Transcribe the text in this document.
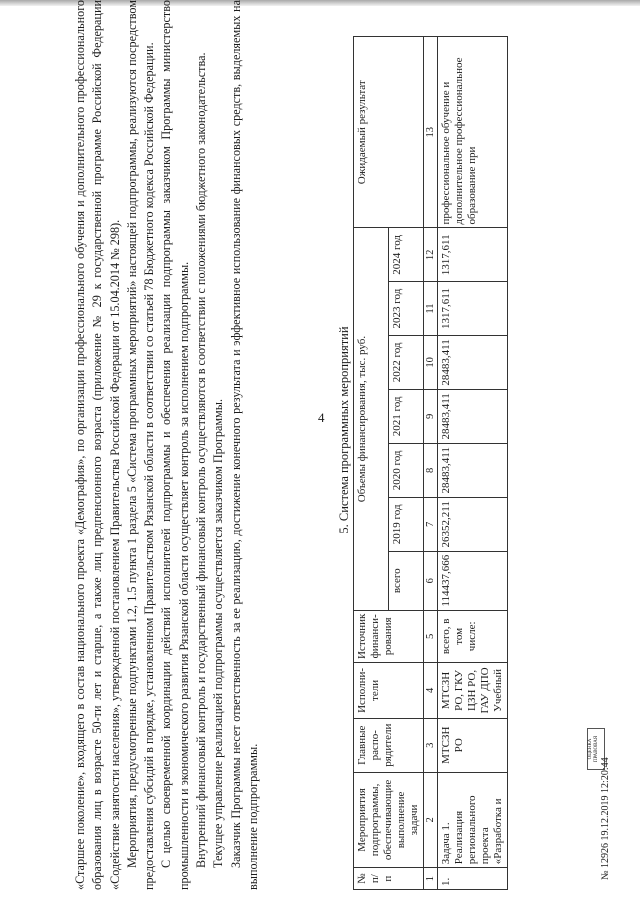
4

«Старшее поколение», входящего в состав национального проекта «Демография», по организации профессионального обучения и дополнительного профессионального образования лиц в возрасте 50-ти лет и старше, а также лиц предпенсионного возраста (приложение № 29 к государственной программе Российской Федерации «Содействие занятости населения», утвержденной постановлением Правительства Российской Федерации от 15.04.2014 № 298). Мероприятия, предусмотренные подпунктами 1.2, 1.5 пункта 1 раздела 5 «Система программных мероприятий» настоящей подпрограммы, реализуются посредством предоставления субсидий в порядке, установленном Правительством Рязанской области в соответствии со статьей 78 Бюджетного кодекса Российской Федерации. С целью своевременной координации действий исполнителей подпрограммы и обеспечения реализации подпрограммы заказчиком Программы министерство промышленности и экономического развития Рязанской области осуществляет контроль за исполнением подпрограммы. Внутренний финансовый контроль и государственный финансовый контроль осуществляются в соответствии с положениями бюджетного законодательства. Текущее управление реализацией подпрограммы осуществляется заказчиком Программы. Заказчик Программы несет ответственность за ее реализацию, достижение конечного результата и эффективное использование финансовых средств, выделяемых на выполнение подпрограммы.

5. Система программных мероприятий
№ п/п	Мероприятия подпрограммы, обеспечивающие выполнение задачи	Главные распо-рядители	Исполни-тели	Источник финанси-рования	Объемы финансирования, тыс. руб.							Ожидаемый результат
					всего	2019 год	2020 год	2021 год	2022 год	2023 год	2024 год	
1	2	3	4	5	6	7	8	9	10	11	12	13
1.	Задача 1. Реализация регионального проекта «Разработка и	МТСЗН РО	МТСЗН РО, ГКУ ЦЗН РО, ГАУ ДПО Учебный	всего, в том числе:	114437,666	26352,211	28483,411	28483,411	28483,411	1317,611	1317,611	профессиональное обучение и дополнительное профессиональное образование при
ОЦЕНКА ПРАВОВАЯ
№ 12926 19.12.2019 12:20:44
